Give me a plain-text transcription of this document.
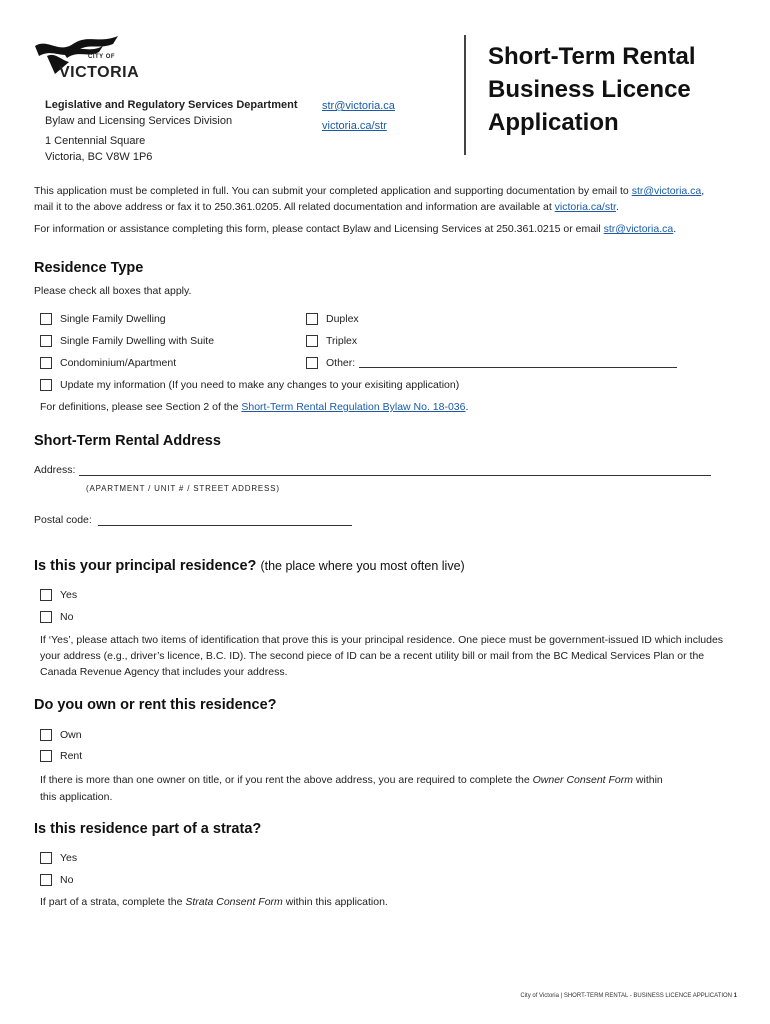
CITY OF
VICTORIA
Legislative and Regulatory Services Department
Bylaw and Licensing Services Division
1 Centennial Square
Victoria, BC V8W 1P6
str@victoria.ca
victoria.ca/str
Short-Term Rental
Business Licence
Application
This application must be completed in full. You can submit your completed application and supporting documentation by email to str@victoria.ca,
mail it to the above address or fax it to 250.361.0205. All related documentation and information are available at victoria.ca/str.
For information or assistance completing this form, please contact Bylaw and Licensing Services at 250.361.0215 or email str@victoria.ca.
Residence Type
Please check all boxes that apply.
Single Family Dwelling
Single Family Dwelling with Suite
Condominium/Apartment
Duplex
Triplex
Other:
Update my information (If you need to make any changes to your exisiting application)
For definitions, please see Section 2 of the Short-Term Rental Regulation Bylaw No. 18-036.
Short-Term Rental Address
Address:
(APARTMENT / UNIT # / STREET ADDRESS)
Postal code:
Is this your principal residence? (the place where you most often live)
Yes
No
If ‘Yes’, please attach two items of identification that prove this is your principal residence. One piece must be government-issued ID which includes
your address (e.g., driver’s licence, B.C. ID). The second piece of ID can be a recent utility bill or mail from the BC Medical Services Plan or the
Canada Revenue Agency that includes your address.
Do you own or rent this residence?
Own
Rent
If there is more than one owner on title, or if you rent the above address, you are required to complete the Owner Consent Form within
this application.
Is this residence part of a strata?
Yes
No
If part of a strata, complete the Strata Consent Form within this application.
City of Victoria | SHORT-TERM RENTAL - BUSINESS LICENCE APPLICATION 1
